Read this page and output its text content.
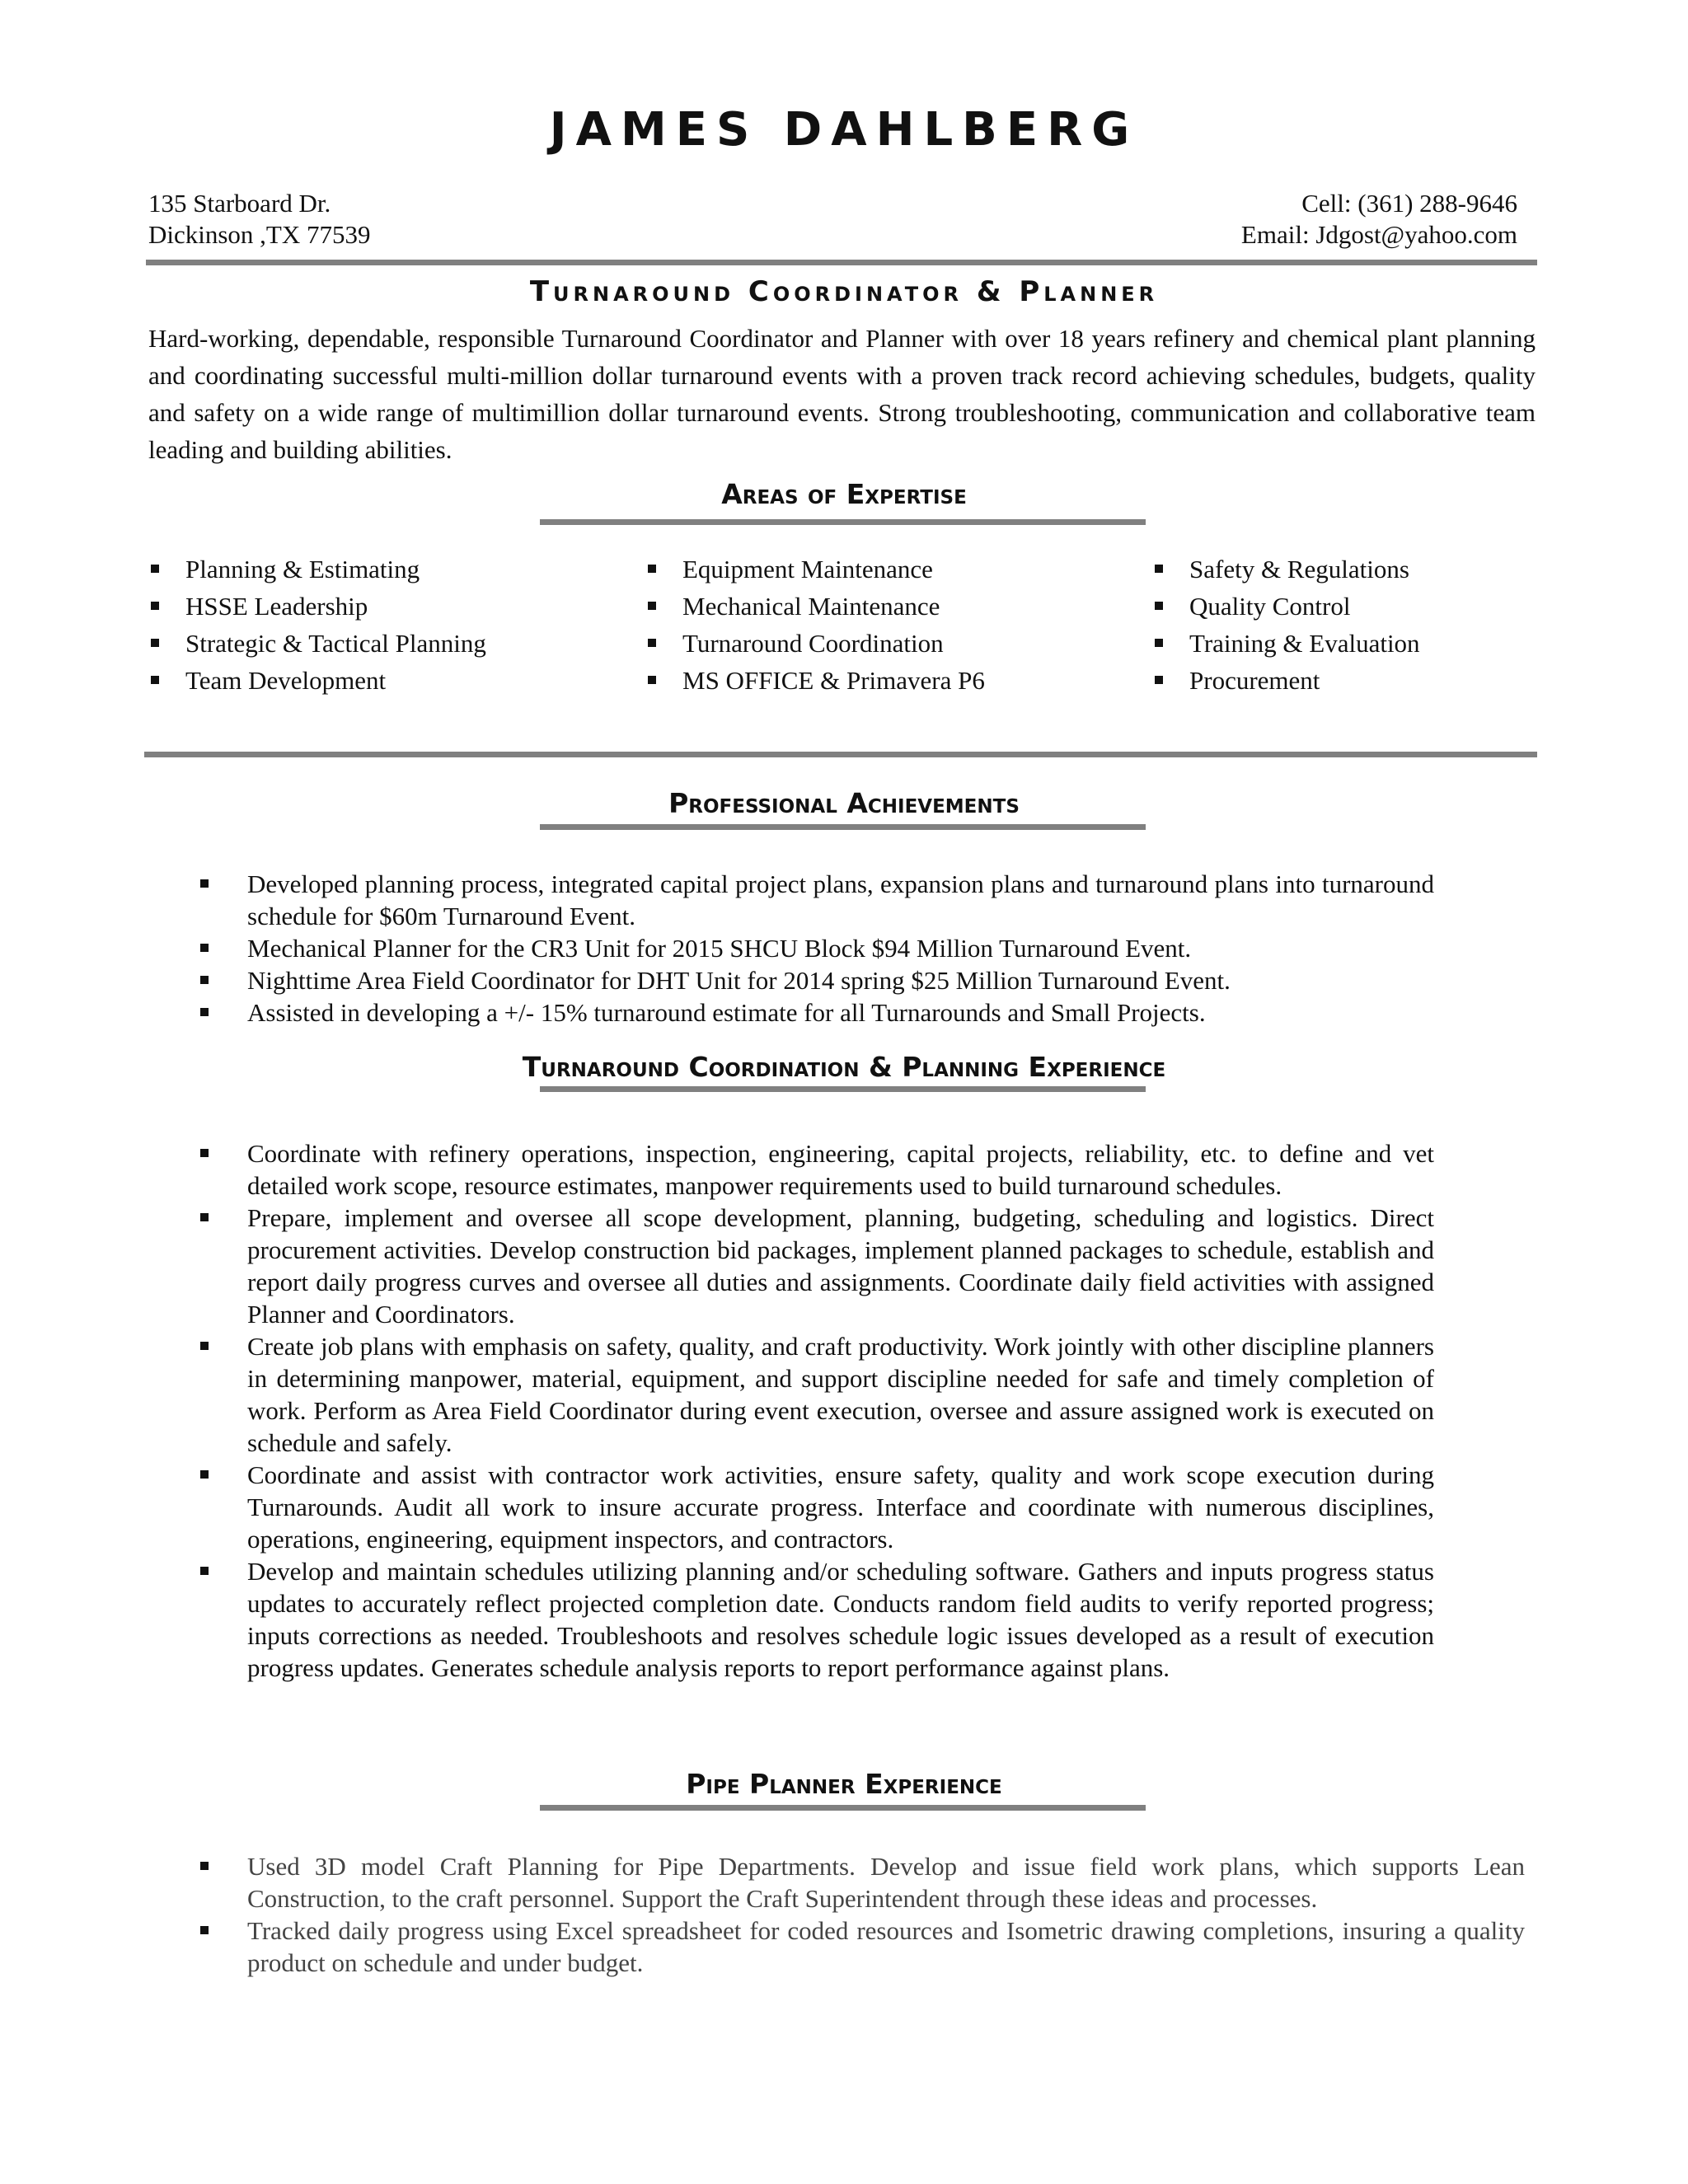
JAMES DAHLBERG
135 Starboard Dr.
Dickinson ,TX 77539
Cell: (361) 288-9646
Email: Jdgost@yahoo.com
Turnaround Coordinator & Planner
Hard-working, dependable, responsible Turnaround Coordinator and Planner with over 18 years refinery and chemical plant planning and coordinating successful multi-million dollar turnaround events with a proven track record achieving schedules, budgets, quality and safety on a wide range of multimillion dollar turnaround events. Strong troubleshooting, communication and collaborative team leading and building abilities.
Areas of Expertise
Planning & Estimating
HSSE Leadership
Strategic & Tactical Planning
Team Development
Equipment Maintenance
Mechanical Maintenance
Turnaround Coordination
MS OFFICE & Primavera P6
Safety & Regulations
Quality Control
Training & Evaluation
Procurement
Professional Achievements
Developed planning process, integrated capital project plans, expansion plans and turnaround plans into turnaround schedule for $60m Turnaround Event.
Mechanical Planner for the CR3 Unit for 2015 SHCU Block $94 Million Turnaround Event.
Nighttime Area Field Coordinator for DHT Unit for 2014 spring $25 Million Turnaround Event.
Assisted in developing a +/- 15% turnaround estimate for all Turnarounds and Small Projects.
Turnaround Coordination & Planning Experience
Coordinate with refinery operations, inspection, engineering, capital projects, reliability, etc. to define and vet detailed work scope, resource estimates, manpower requirements used to build turnaround schedules.
Prepare, implement and oversee all scope development, planning, budgeting, scheduling and logistics. Direct procurement activities. Develop construction bid packages, implement planned packages to schedule, establish and report daily progress curves and oversee all duties and assignments. Coordinate daily field activities with assigned Planner and Coordinators.
Create job plans with emphasis on safety, quality, and craft productivity. Work jointly with other discipline planners in determining manpower, material, equipment, and support discipline needed for safe and timely completion of work. Perform as Area Field Coordinator during event execution, oversee and assure assigned work is executed on schedule and safely.
Coordinate and assist with contractor work activities, ensure safety, quality and work scope execution during Turnarounds. Audit all work to insure accurate progress. Interface and coordinate with numerous disciplines, operations, engineering, equipment inspectors, and contractors.
Develop and maintain schedules utilizing planning and/or scheduling software. Gathers and inputs progress status updates to accurately reflect projected completion date. Conducts random field audits to verify reported progress; inputs corrections as needed. Troubleshoots and resolves schedule logic issues developed as a result of execution progress updates. Generates schedule analysis reports to report performance against plans.
Pipe Planner Experience
Used 3D model Craft Planning for Pipe Departments. Develop and issue field work plans, which supports Lean Construction, to the craft personnel. Support the Craft Superintendent through these ideas and processes.
Tracked daily progress using Excel spreadsheet for coded resources and Isometric drawing completions, insuring a quality product on schedule and under budget.
